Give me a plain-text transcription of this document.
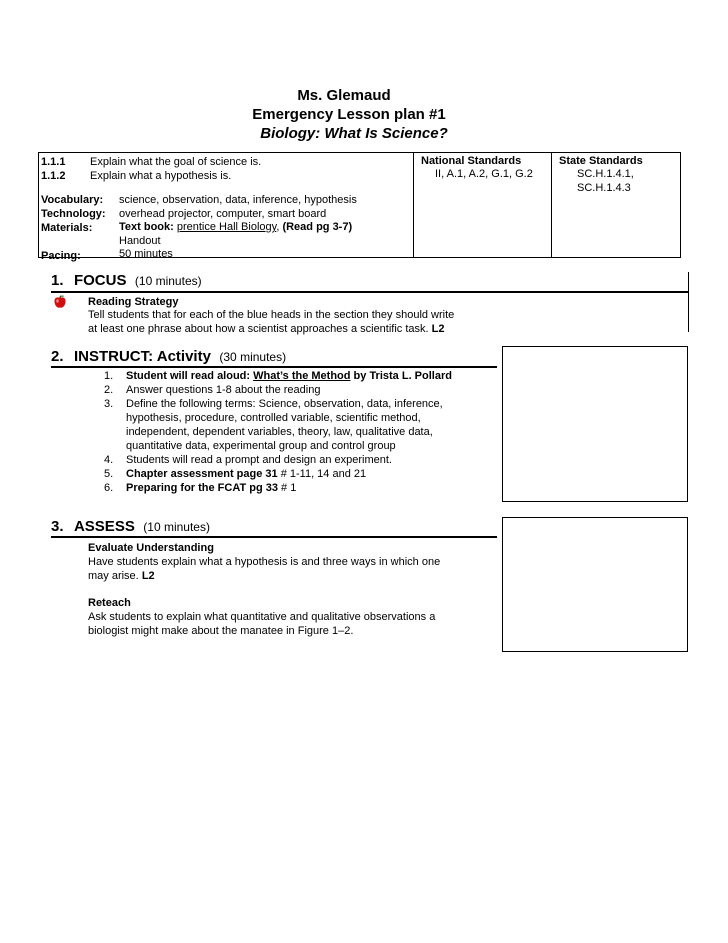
Ms. Glemaud
Emergency Lesson plan #1
Biology: What Is Science?
1.1.1 Explain what the goal of science is.
1.1.2 Explain what a hypothesis is.
National Standards
II, A.1, A.2, G.1, G.2
State Standards
SC.H.1.4.1,
SC.H.1.4.3
Vocabulary: science, observation, data, inference, hypothesis
Technology: overhead projector, computer, smart board
Materials: Text book: prentice Hall Biology, (Read pg 3-7)
Handout
Pacing:	50 minutes
1. FOCUS (10 minutes)
Reading Strategy
Tell students that for each of the blue heads in the section they should write
at least one phrase about how a scientist approaches a scientific task. L2
2. INSTRUCT: Activity (30 minutes)
1. Student will read aloud: What’s the Method by Trista L. Pollard
2. Answer questions 1-8 about the reading
3. Define the following terms: Science, observation, data, inference,
hypothesis, procedure, controlled variable, scientific method,
independent, dependent variables, theory, law, qualitative data,
quantitative data, experimental group and control group
4. Students will read a prompt and design an experiment.
5. Chapter assessment page 31 # 1-11, 14 and 21
6. Preparing for the FCAT pg 33 # 1
3. ASSESS (10 minutes)
Evaluate Understanding
Have students explain what a hypothesis is and three ways in which one
may arise. L2
Reteach
Ask students to explain what quantitative and qualitative observations a
biologist might make about the manatee in Figure 1–2.
